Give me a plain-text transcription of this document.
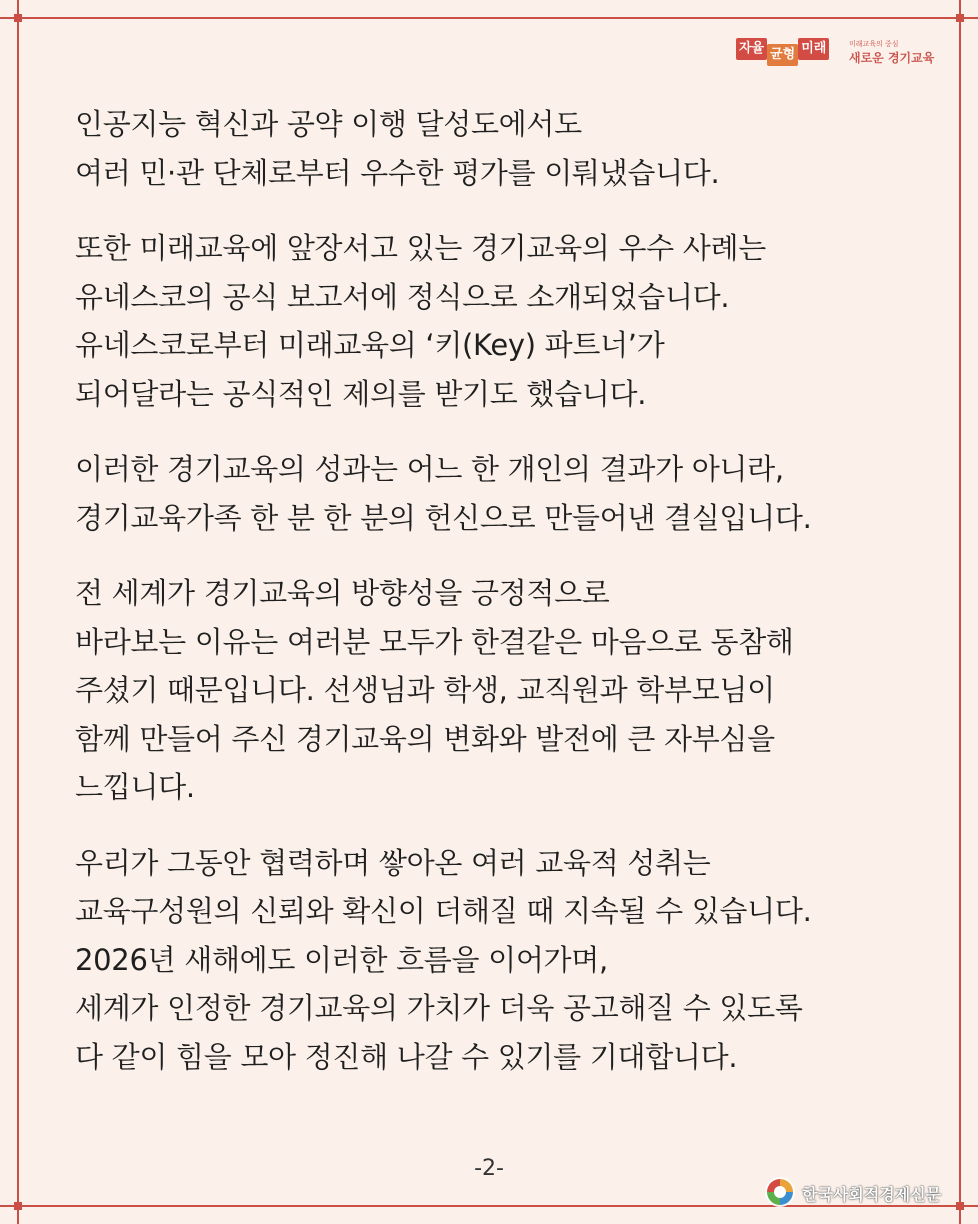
자율 균형 미래	미래교육의 중심
새로운 경기교육
인공지능 혁신과 공약 이행 달성도에서도
여러 민·관 단체로부터 우수한 평가를 이뤄냈습니다.
또한 미래교육에 앞장서고 있는 경기교육의 우수 사례는
유네스코의 공식 보고서에 정식으로 소개되었습니다.
유네스코로부터 미래교육의 ‘키(Key) 파트너’가
되어달라는 공식적인 제의를 받기도 했습니다.
이러한 경기교육의 성과는 어느 한 개인의 결과가 아니라,
경기교육가족 한 분 한 분의 헌신으로 만들어낸 결실입니다.
전 세계가 경기교육의 방향성을 긍정적으로
바라보는 이유는 여러분 모두가 한결같은 마음으로 동참해
주셨기 때문입니다. 선생님과 학생, 교직원과 학부모님이
함께 만들어 주신 경기교육의 변화와 발전에 큰 자부심을
느낍니다.
우리가 그동안 협력하며 쌓아온 여러 교육적 성취는
교육구성원의 신뢰와 확신이 더해질 때 지속될 수 있습니다.
2026년 새해에도 이러한 흐름을 이어가며,
세계가 인정한 경기교육의 가치가 더욱 공고해질 수 있도록
다 같이 힘을 모아 정진해 나갈 수 있기를 기대합니다.
-2-
한국사회적경제신문
